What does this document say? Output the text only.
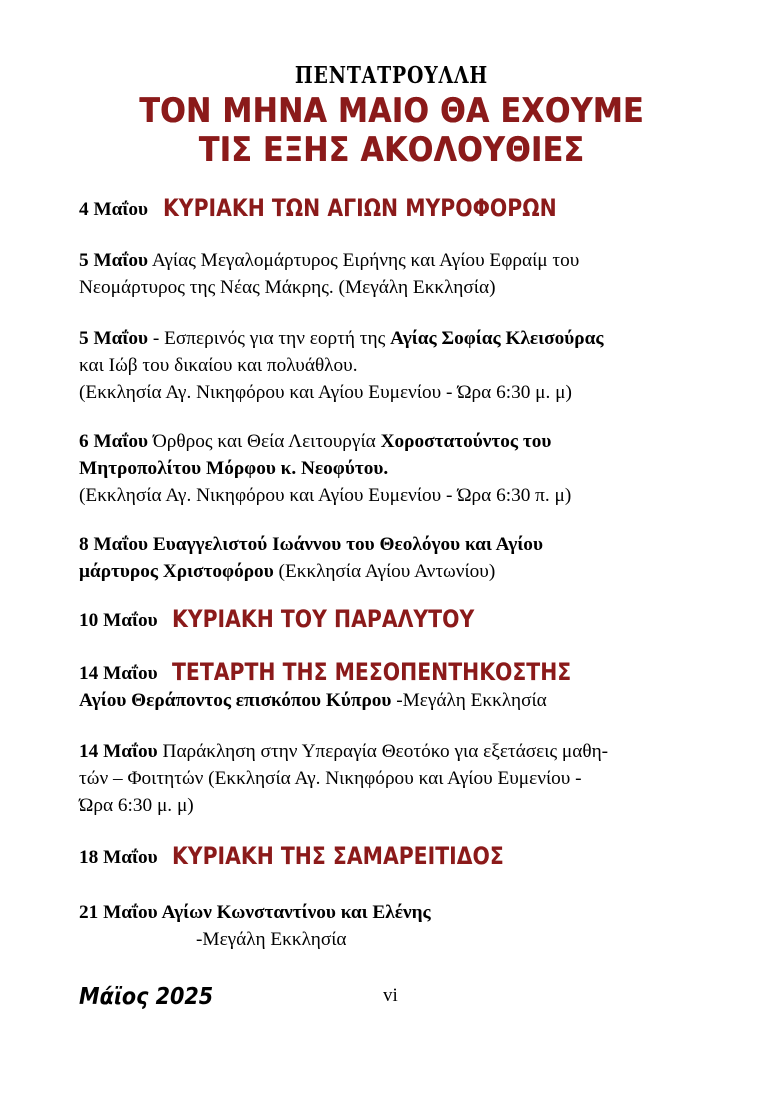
ΠΕΝΤΑΤΡΟΥΛΛΗ
ΤΟΝ ΜΗΝΑ ΜΑΙΟ ΘΑ ΕΧΟΥΜΕ
ΤΙΣ ΕΞΗΣ ΑΚΟΛΟΥΘΙΕΣ
4 Μαΐου ΚΥΡΙΑΚΗ ΤΩΝ ΑΓΙΩΝ ΜΥΡΟΦΟΡΩΝ
5 Μαΐου Αγίας Μεγαλομάρτυρος Ειρήνης και Αγίου Εφραίμ του
Νεομάρτυρος της Νέας Μάκρης. (Μεγάλη Εκκλησία)
5 Μαΐου - Εσπερινός για την εορτή της Αγίας Σοφίας Κλεισούρας
και Ιώβ του δικαίου και πολυάθλου.
(Εκκλησία Αγ. Νικηφόρου και Αγίου Ευμενίου - Ώρα 6:30 μ. μ)
6 Μαΐου Όρθρος και Θεία Λειτουργία Χοροστατούντος του
Μητροπολίτου Μόρφου κ. Νεοφύτου.
(Εκκλησία Αγ. Νικηφόρου και Αγίου Ευμενίου - Ώρα 6:30 π. μ)
8 Μαΐου Ευαγγελιστού Ιωάννου του Θεολόγου και Αγίου
μάρτυρος Χριστοφόρου (Εκκλησία Αγίου Αντωνίου)
10 Μαΐου ΚΥΡΙΑΚΗ ΤΟΥ ΠΑΡΑΛΥΤΟΥ
14 Μαΐου ΤΕΤΑΡΤΗ ΤΗΣ ΜΕΣΟΠΕΝΤΗΚΟΣΤΗΣ
Αγίου Θεράποντος επισκόπου Κύπρου -Μεγάλη Εκκλησία
14 Μαΐου Παράκληση στην Υπεραγία Θεοτόκο για εξετάσεις μαθη-
τών – Φοιτητών (Εκκλησία Αγ. Νικηφόρου και Αγίου Ευμενίου -
Ώρα 6:30 μ. μ)
18 Μαΐου ΚΥΡΙΑΚΗ ΤΗΣ ΣΑΜΑΡΕΙΤΙΔΟΣ
21 Μαΐου Αγίων Κωνσταντίνου και Ελένης
-Μεγάλη Εκκλησία
Μάϊος 2025	vi
